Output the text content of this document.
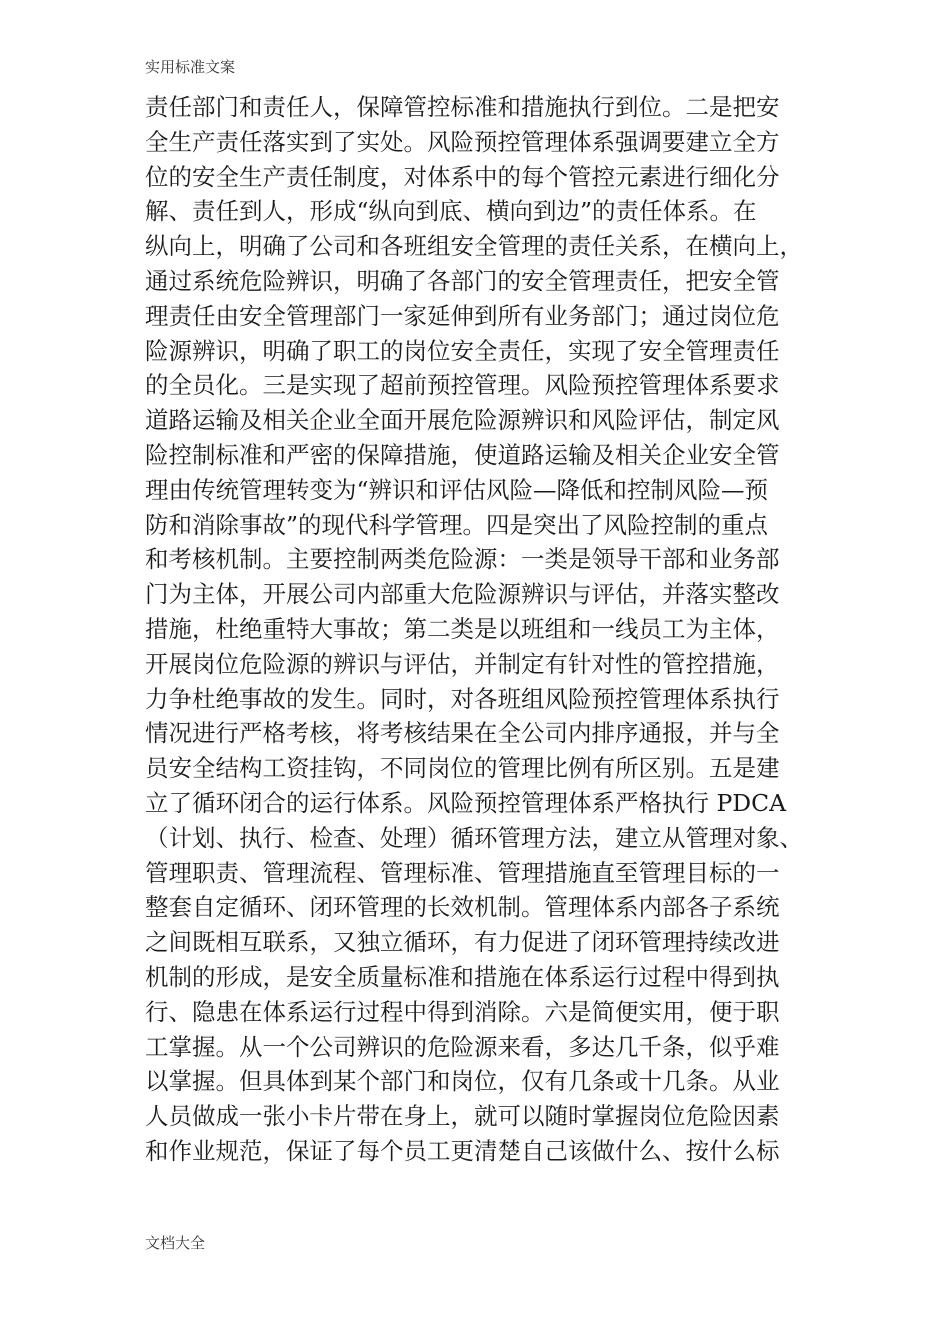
实用标准文案
责任部门和责任人，保障管控标准和措施执行到位。二是把安
全生产责任落实到了实处。风险预控管理体系强调要建立全方
位的安全生产责任制度，对体系中的每个管控元素进行细化分
解、责任到人，形成“纵向到底、横向到边”的责任体系。在
纵向上，明确了公司和各班组安全管理的责任关系，在横向上，
通过系统危险辨识，明确了各部门的安全管理责任，把安全管
理责任由安全管理部门一家延伸到所有业务部门；通过岗位危
险源辨识，明确了职工的岗位安全责任，实现了安全管理责任
的全员化。三是实现了超前预控管理。风险预控管理体系要求
道路运输及相关企业全面开展危险源辨识和风险评估，制定风
险控制标准和严密的保障措施，使道路运输及相关企业安全管
理由传统管理转变为“辨识和评估风险—降低和控制风险—预
防和消除事故”的现代科学管理。四是突出了风险控制的重点
和考核机制。主要控制两类危险源：一类是领导干部和业务部
门为主体，开展公司内部重大危险源辨识与评估，并落实整改
措施，杜绝重特大事故；第二类是以班组和一线员工为主体，
开展岗位危险源的辨识与评估，并制定有针对性的管控措施，
力争杜绝事故的发生。同时，对各班组风险预控管理体系执行
情况进行严格考核，将考核结果在全公司内排序通报，并与全
员安全结构工资挂钩，不同岗位的管理比例有所区别。五是建
立了循环闭合的运行体系。风险预控管理体系严格执行 PDCA
（计划、执行、检查、处理）循环管理方法，建立从管理对象、
管理职责、管理流程、管理标准、管理措施直至管理目标的一
整套自定循环、闭环管理的长效机制。管理体系内部各子系统
之间既相互联系，又独立循环，有力促进了闭环管理持续改进
机制的形成，是安全质量标准和措施在体系运行过程中得到执
行、隐患在体系运行过程中得到消除。六是简便实用，便于职
工掌握。从一个公司辨识的危险源来看，多达几千条，似乎难
以掌握。但具体到某个部门和岗位，仅有几条或十几条。从业
人员做成一张小卡片带在身上，就可以随时掌握岗位危险因素
和作业规范，保证了每个员工更清楚自己该做什么、按什么标
文档大全
